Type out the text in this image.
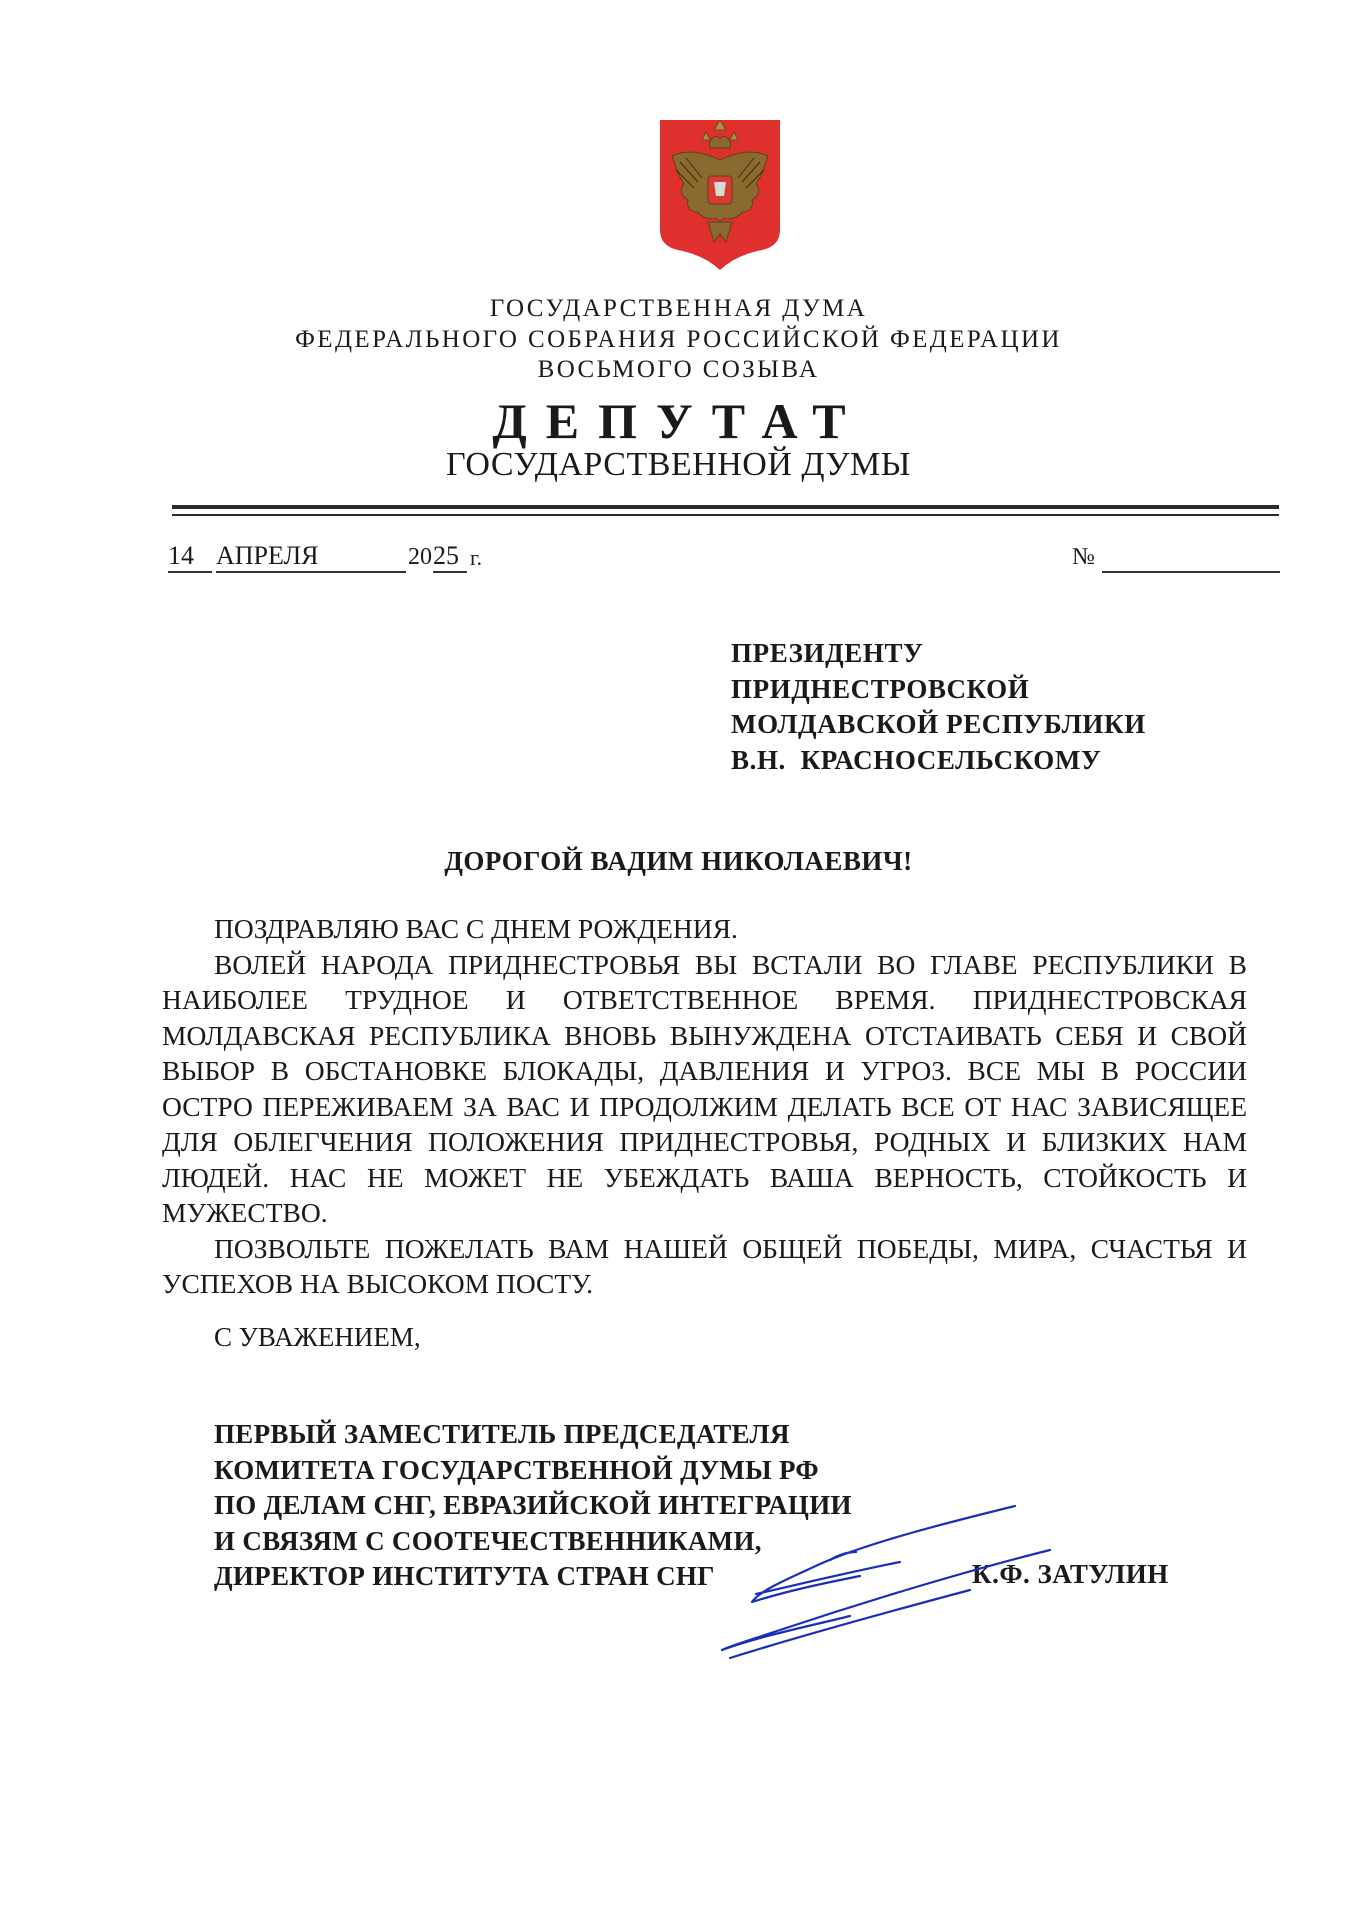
ГОСУДАРСТВЕННАЯ ДУМА
ФЕДЕРАЛЬНОГО СОБРАНИЯ РОССИЙСКОЙ ФЕДЕРАЦИИ
ВОСЬМОГО СОЗЫВА
ДЕПУТАТ
ГОСУДАРСТВЕННОЙ ДУМЫ
14 АПРЕЛЯ	20 25 г.	№
ПРЕЗИДЕНТУ
ПРИДНЕСТРОВСКОЙ
МОЛДАВСКОЙ РЕСПУБЛИКИ
В.Н.  КРАСНОСЕЛЬСКОМУ
ДОРОГОЙ ВАДИМ НИКОЛАЕВИЧ!

ПОЗДРАВЛЯЮ ВАС С ДНЕМ РОЖДЕНИЯ.

ВОЛЕЙ НАРОДА ПРИДНЕСТРОВЬЯ ВЫ ВСТАЛИ ВО ГЛАВЕ РЕСПУБЛИКИ В НАИБОЛЕЕ ТРУДНОЕ И ОТВЕТСТВЕННОЕ ВРЕМЯ. ПРИДНЕСТРОВСКАЯ МОЛДАВСКАЯ РЕСПУБЛИКА ВНОВЬ ВЫНУЖДЕНА ОТСТАИВАТЬ СЕБЯ И СВОЙ ВЫБОР В ОБСТАНОВКЕ БЛОКАДЫ, ДАВЛЕНИЯ И УГРОЗ. ВСЕ МЫ В РОССИИ ОСТРО ПЕРЕЖИВАЕМ ЗА ВАС И ПРОДОЛЖИМ ДЕЛАТЬ ВСЕ ОТ НАС ЗАВИСЯЩЕЕ ДЛЯ ОБЛЕГЧЕНИЯ ПОЛОЖЕНИЯ ПРИДНЕСТРОВЬЯ, РОДНЫХ И БЛИЗКИХ НАМ ЛЮДЕЙ. НАС НЕ МОЖЕТ НЕ УБЕЖДАТЬ ВАША ВЕРНОСТЬ, СТОЙКОСТЬ И МУЖЕСТВО.

ПОЗВОЛЬТЕ ПОЖЕЛАТЬ ВАМ НАШЕЙ ОБЩЕЙ ПОБЕДЫ, МИРА, СЧАСТЬЯ И УСПЕХОВ НА ВЫСОКОМ ПОСТУ.

С УВАЖЕНИЕМ,
ПЕРВЫЙ ЗАМЕСТИТЕЛЬ ПРЕДСЕДАТЕЛЯ
КОМИТЕТА ГОСУДАРСТВЕННОЙ ДУМЫ РФ
ПО ДЕЛАМ СНГ, ЕВРАЗИЙСКОЙ ИНТЕГРАЦИИ
И СВЯЗЯМ С СООТЕЧЕСТВЕННИКАМИ,
ДИРЕКТОР ИНСТИТУТА СТРАН СНГ	К.Ф. ЗАТУЛИН
